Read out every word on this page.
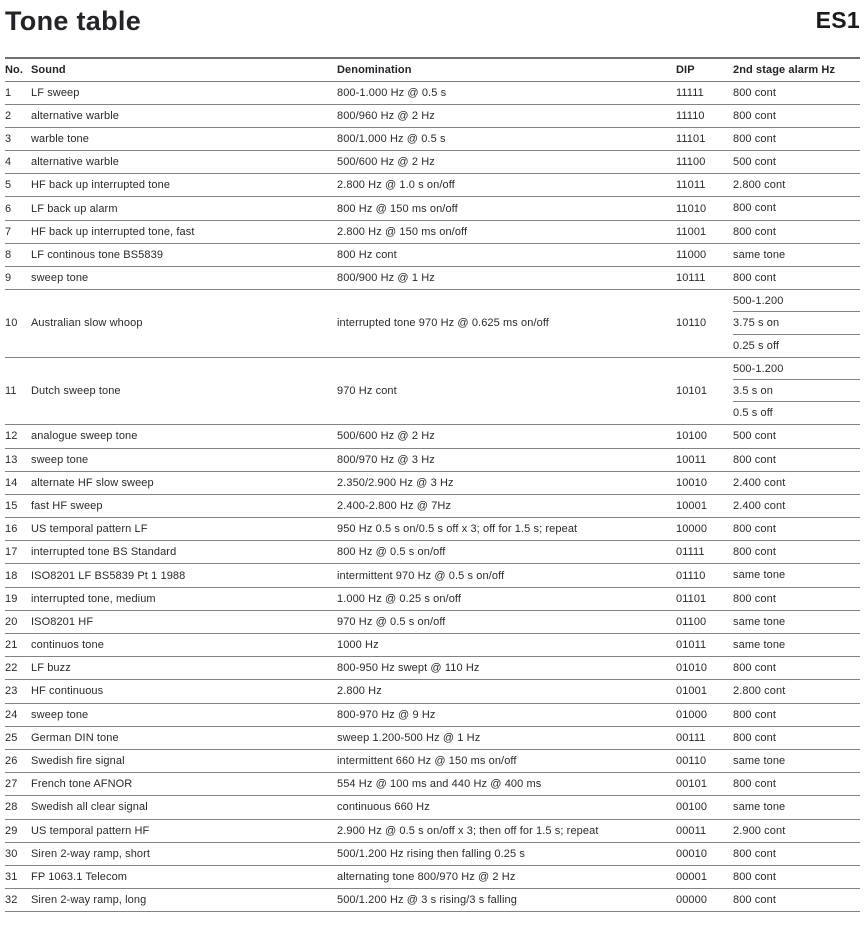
Tone table	ES1
No.	Sound	Denomination	DIP	2nd stage alarm Hz
1	LF sweep	800-1.000 Hz @ 0.5 s	11111	800 cont

2	alternative warble	800/960 Hz @ 2 Hz	11110	800 cont

3	warble tone	800/1.000 Hz @ 0.5 s	11101	800 cont

4	alternative warble	500/600 Hz @ 2 Hz	11100	500 cont

5	HF back up interrupted tone	2.800 Hz @ 1.0 s on/off	11011	2.800 cont

6	LF back up alarm	800 Hz @ 150 ms on/off	11010	800 cont

7	HF back up interrupted tone, fast	2.800 Hz @ 150 ms on/off	11001	800 cont

8	LF continous tone BS5839	800 Hz cont	11000	same tone

9	sweep tone	800/900 Hz @ 1 Hz	10111	800 cont

10	Australian slow whoop	interrupted tone 970 Hz @ 0.625 ms on/off	10110	500-1.200
3.75 s on
0.25 s off

11	Dutch sweep tone	970 Hz cont	10101	500-1.200
3.5 s on
0.5 s off

12	analogue sweep tone	500/600 Hz @ 2 Hz	10100	500 cont

13	sweep tone	800/970 Hz @ 3 Hz	10011	800 cont

14	alternate HF slow sweep	2.350/2.900 Hz @ 3 Hz	10010	2.400 cont

15	fast HF sweep	2.400-2.800 Hz @ 7Hz	10001	2.400 cont

16	US temporal pattern LF	950 Hz 0.5 s on/0.5 s off x 3; off for 1.5 s; repeat	10000	800 cont

17	interrupted tone BS Standard	800 Hz @ 0.5 s on/off	01111	800 cont

18	ISO8201 LF BS5839 Pt 1 1988	intermittent 970 Hz @ 0.5 s on/off	01110	same tone

19	interrupted tone, medium	1.000 Hz @ 0.25 s on/off	01101	800 cont

20	ISO8201 HF	970 Hz @ 0.5 s on/off	01100	same tone

21	continuos tone	1000 Hz	01011	same tone

22	LF buzz	800-950 Hz swept @ 110 Hz	01010	800 cont

23	HF continuous	2.800 Hz	01001	2.800 cont

24	sweep tone	800-970 Hz @ 9 Hz	01000	800 cont

25	German DIN tone	sweep 1.200-500 Hz @ 1 Hz	00111	800 cont

26	Swedish fire signal	intermittent 660 Hz @ 150 ms on/off	00110	same tone

27	French tone AFNOR	554 Hz @ 100 ms and 440 Hz @ 400 ms	00101	800 cont

28	Swedish all clear signal	continuous 660 Hz	00100	same tone

29	US temporal pattern HF	2.900 Hz @ 0.5 s on/off x 3; then off for 1.5 s; repeat	00011	2.900 cont

30	Siren 2-way ramp, short	500/1.200 Hz rising then falling 0.25 s	00010	800 cont

31	FP 1063.1 Telecom	alternating tone 800/970 Hz @ 2 Hz	00001	800 cont

32	Siren 2-way ramp, long	500/1.200 Hz @ 3 s rising/3 s falling	00000	800 cont
